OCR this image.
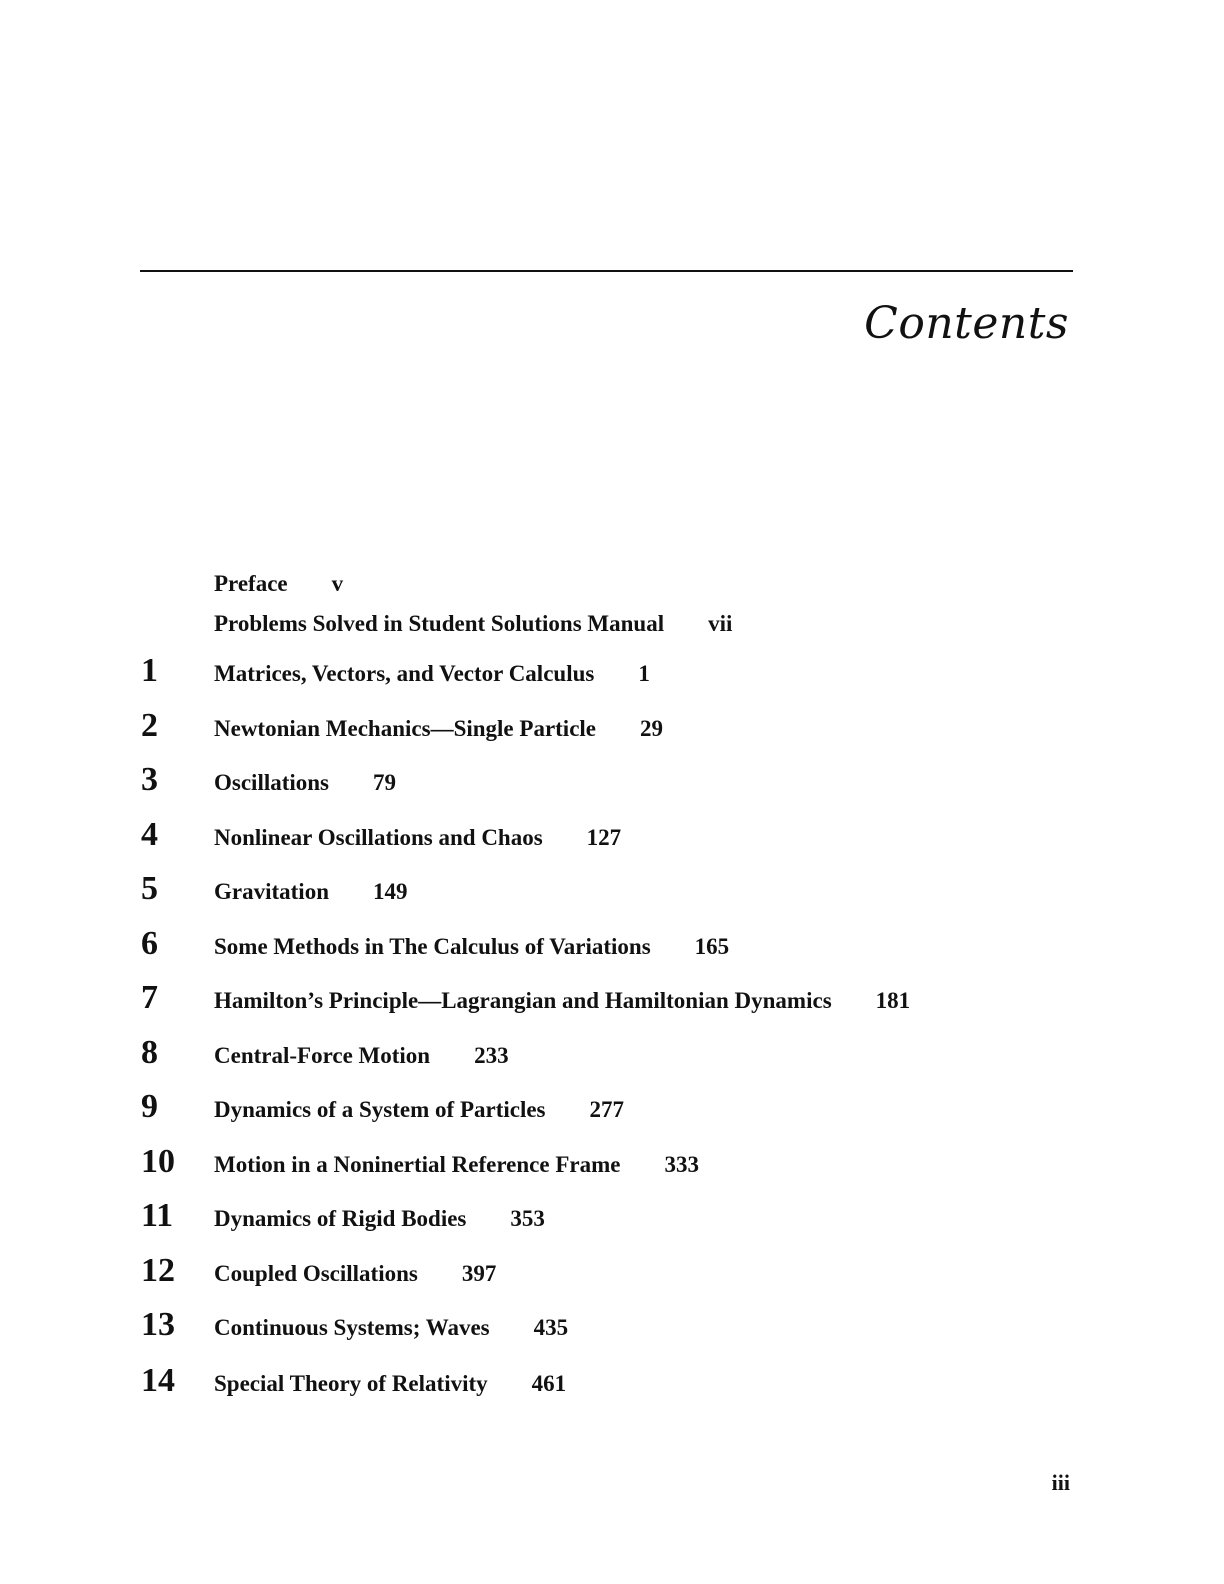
Contents
Preface v
Problems Solved in Student Solutions Manual vii
1 Matrices, Vectors, and Vector Calculus 1
2 Newtonian Mechanics—Single Particle 29
3 Oscillations 79
4 Nonlinear Oscillations and Chaos 127
5 Gravitation 149
6 Some Methods in The Calculus of Variations 165
7 Hamilton’s Principle—Lagrangian and Hamiltonian Dynamics 181
8 Central-Force Motion 233
9 Dynamics of a System of Particles 277
10 Motion in a Noninertial Reference Frame 333
11 Dynamics of Rigid Bodies 353
12 Coupled Oscillations 397
13 Continuous Systems; Waves 435
14 Special Theory of Relativity 461
iii
